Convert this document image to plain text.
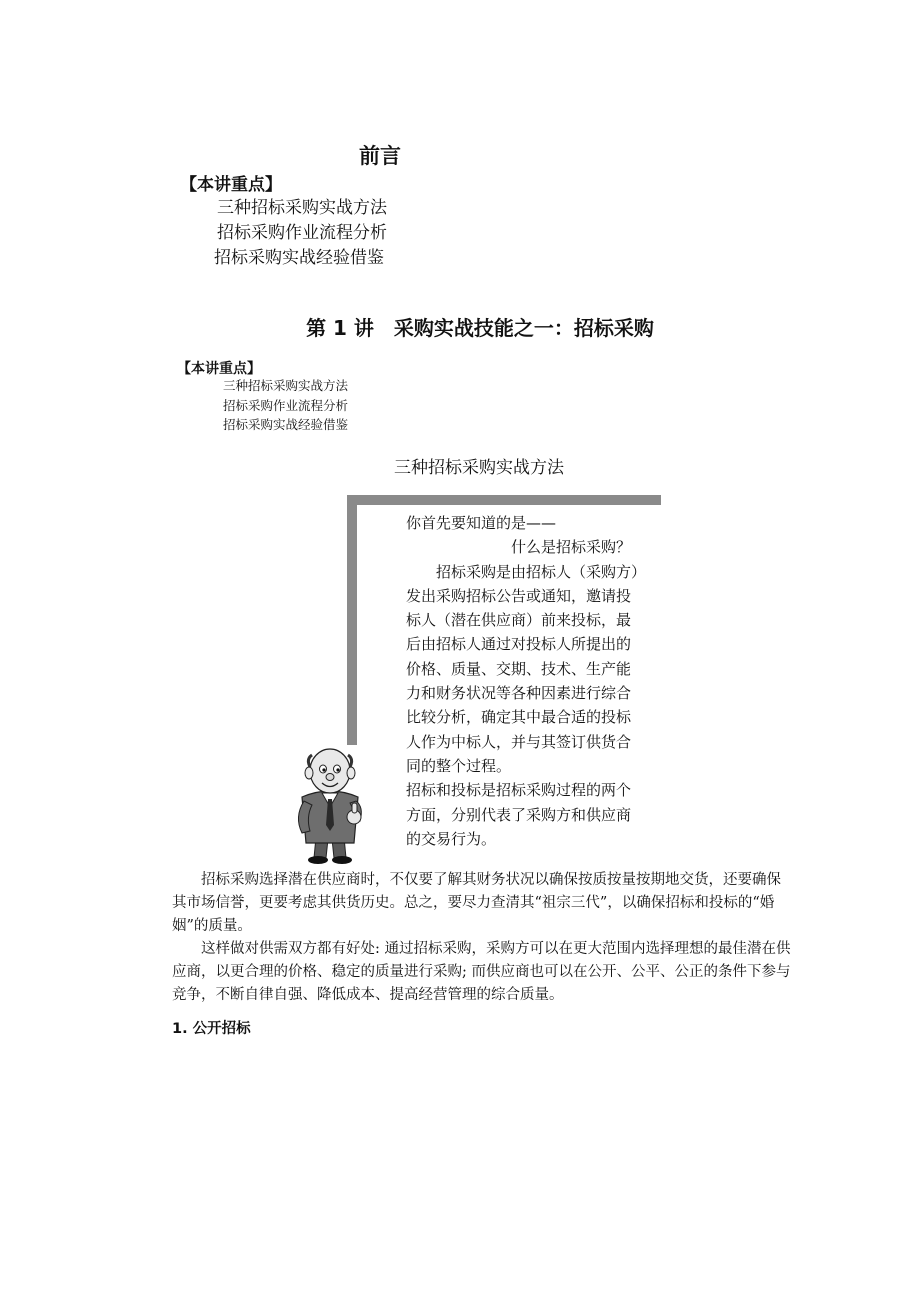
前言
【本讲重点】
三种招标采购实战方法
招标采购作业流程分析
招标采购实战经验借鉴
第 1 讲　采购实战技能之一：招标采购
【本讲重点】
三种招标采购实战方法
招标采购作业流程分析
招标采购实战经验借鉴
三种招标采购实战方法
你首先要知道的是——
什么是招标采购？
招标采购是由招标人（采购方）
发出采购招标公告或通知，邀请投
标人（潜在供应商）前来投标，最
后由招标人通过对投标人所提出的
价格、质量、交期、技术、生产能
力和财务状况等各种因素进行综合
比较分析，确定其中最合适的投标
人作为中标人，并与其签订供货合
同的整个过程。
招标和投标是招标采购过程的两个
方面，分别代表了采购方和供应商
的交易行为。
招标采购选择潜在供应商时，不仅要了解其财务状况以确保按质按量按期地交货，还要确保其市场信誉，更要考虑其供货历史。总之，要尽力查清其“祖宗三代”，以确保招标和投标的“婚姻”的质量。
这样做对供需双方都有好处: 通过招标采购，采购方可以在更大范围内选择理想的最佳潜在供应商，以更合理的价格、稳定的质量进行采购; 而供应商也可以在公开、公平、公正的条件下参与竞争，不断自律自强、降低成本、提高经营管理的综合质量。
1. 公开招标
